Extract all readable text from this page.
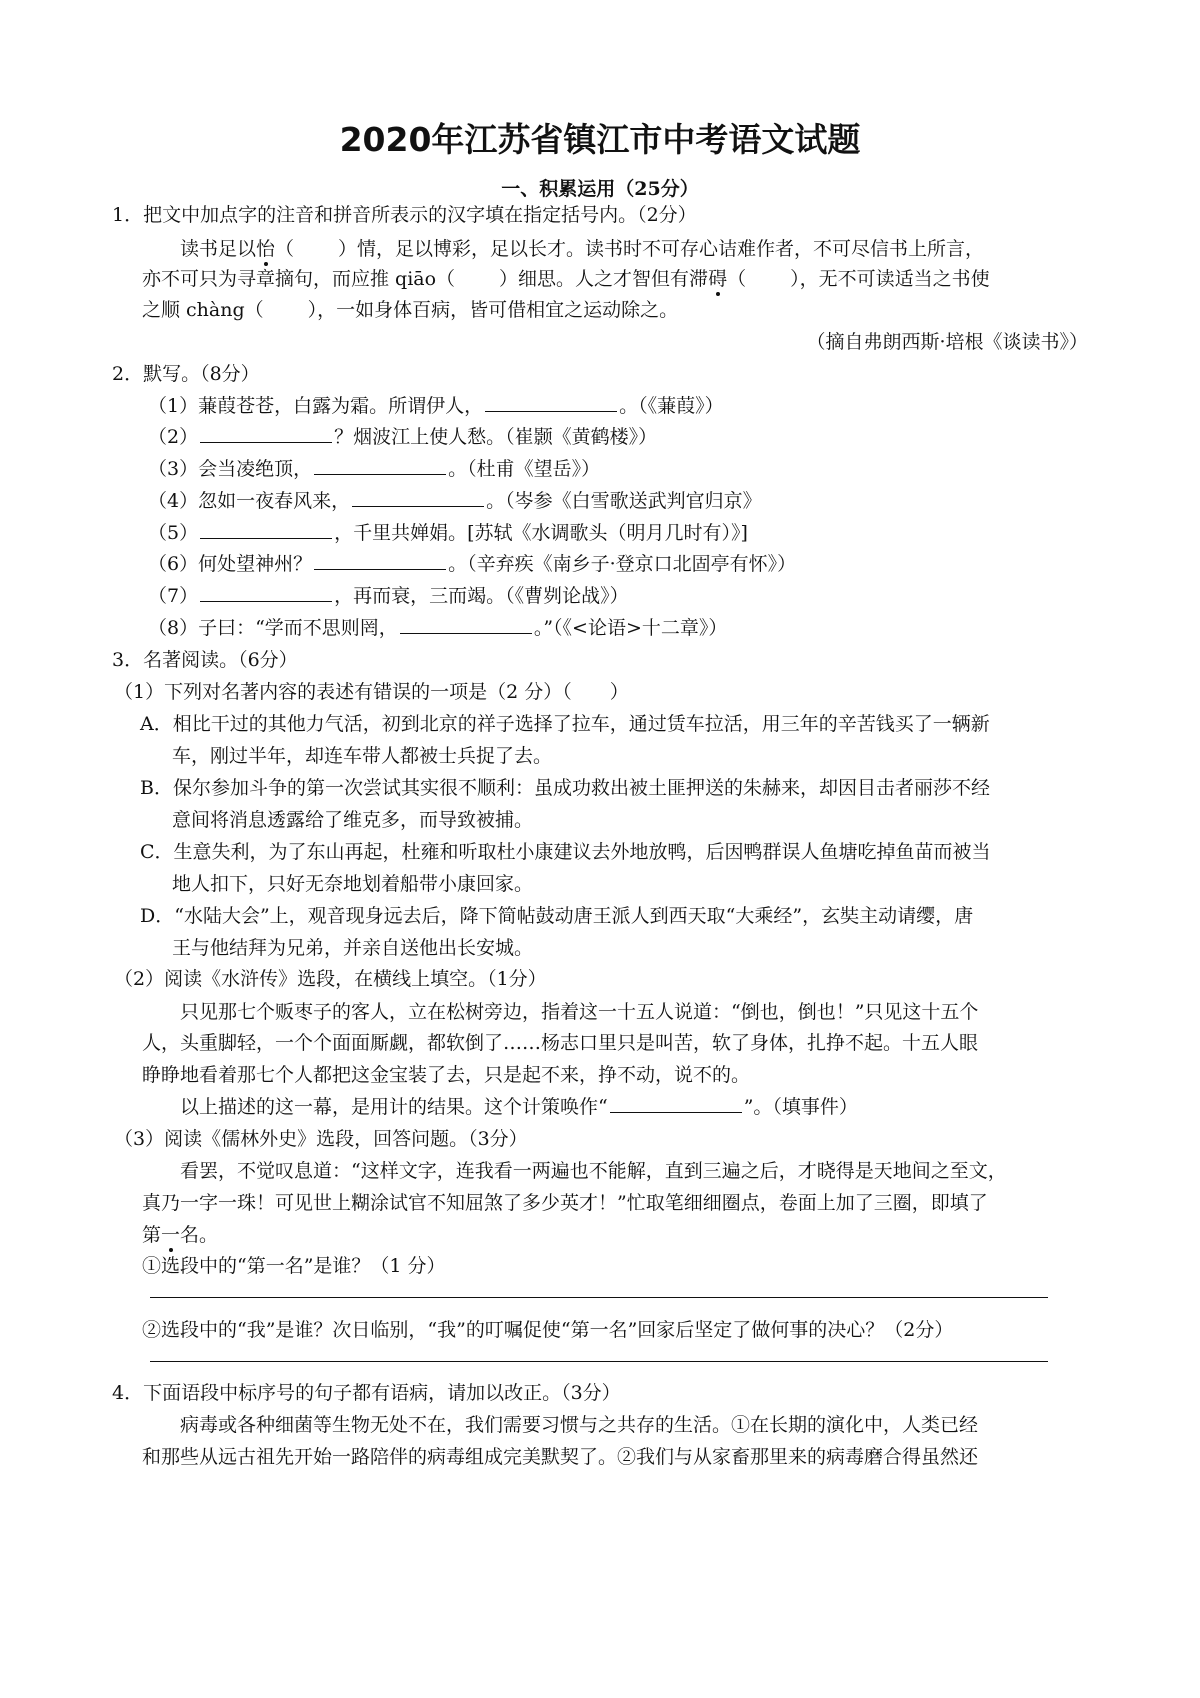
2020年江苏省镇江市中考语文试题
一、积累运用（25分）
1．把文中加点字的注音和拼音所表示的汉字填在指定括号内。（2分）
读书足以怡（ ）情，足以博彩，足以长才。读书时不可存心诘难作者，不可尽信书上所言，
亦不可只为寻章摘句，而应推 qiāo（ ）细思。人之才智但有滞碍（ ），无不可读适当之书使
之顺 chàng（ ），一如身体百病，皆可借相宜之运动除之。
（摘自弗朗西斯·培根《谈读书》）
2．默写。（8分）
（1）蒹葭苍苍，白露为霜。所谓伊人，	。（《蒹葭》）
（2）	？烟波江上使人愁。（崔颢《黄鹤楼》）
（3）会当凌绝顶，	。（杜甫《望岳》）
（4）忽如一夜春风来，	。（岑参《白雪歌送武判官归京》
（5）	，千里共婵娟。[苏轼《水调歌头（明月几时有）》]
（6）何处望神州？	。（辛弃疾《南乡子·登京口北固亭有怀》）
（7）	，再而衰，三而竭。（《曹刿论战》）
（8）子曰：“学而不思则罔，	。”（《<论语>十二章》）
3．名著阅读。（6分）
（1）下列对名著内容的表述有错误的一项是（2 分）（　　）
A．相比干过的其他力气活，初到北京的祥子选择了拉车，通过赁车拉活，用三年的辛苦钱买了一辆新
车，刚过半年，却连车带人都被士兵捉了去。
B．保尔参加斗争的第一次尝试其实很不顺利：虽成功救出被土匪押送的朱赫来，却因目击者丽莎不经
意间将消息透露给了维克多，而导致被捕。
C．生意失利，为了东山再起，杜雍和听取杜小康建议去外地放鸭，后因鸭群误人鱼塘吃掉鱼苗而被当
地人扣下，只好无奈地划着船带小康回家。
D．“水陆大会”上，观音现身远去后，降下简帖鼓动唐王派人到西天取“大乘经”，玄奘主动请缨，唐
王与他结拜为兄弟，并亲自送他出长安城。
（2）阅读《水浒传》选段，在横线上填空。（1分）
只见那七个贩枣子的客人，立在松树旁边，指着这一十五人说道：“倒也，倒也！”只见这十五个
人，头重脚轻，一个个面面厮觑，都软倒了……杨志口里只是叫苦，软了身体，扎挣不起。十五人眼
睁睁地看着那七个人都把这金宝装了去，只是起不来，挣不动，说不的。
以上描述的这一幕，是用计的结果。这个计策唤作“	”。（填事件）
（3）阅读《儒林外史》选段，回答问题。（3分）
看罢，不觉叹息道：“这样文字，连我看一两遍也不能解，直到三遍之后，才晓得是天地间之至文，
真乃一字一珠！可见世上糊涂试官不知屈煞了多少英才！”忙取笔细细圈点，卷面上加了三圈，即填了
第一名。
①选段中的“第一名”是谁？（1 分）
②选段中的“我”是谁？次日临别，“我”的叮嘱促使“第一名”回家后坚定了做何事的决心？（2分）
4．下面语段中标序号的句子都有语病，请加以改正。（3分）
病毒或各种细菌等生物无处不在，我们需要习惯与之共存的生活。①在长期的演化中，人类已经
和那些从远古祖先开始一路陪伴的病毒组成完美默契了。②我们与从家畜那里来的病毒磨合得虽然还
